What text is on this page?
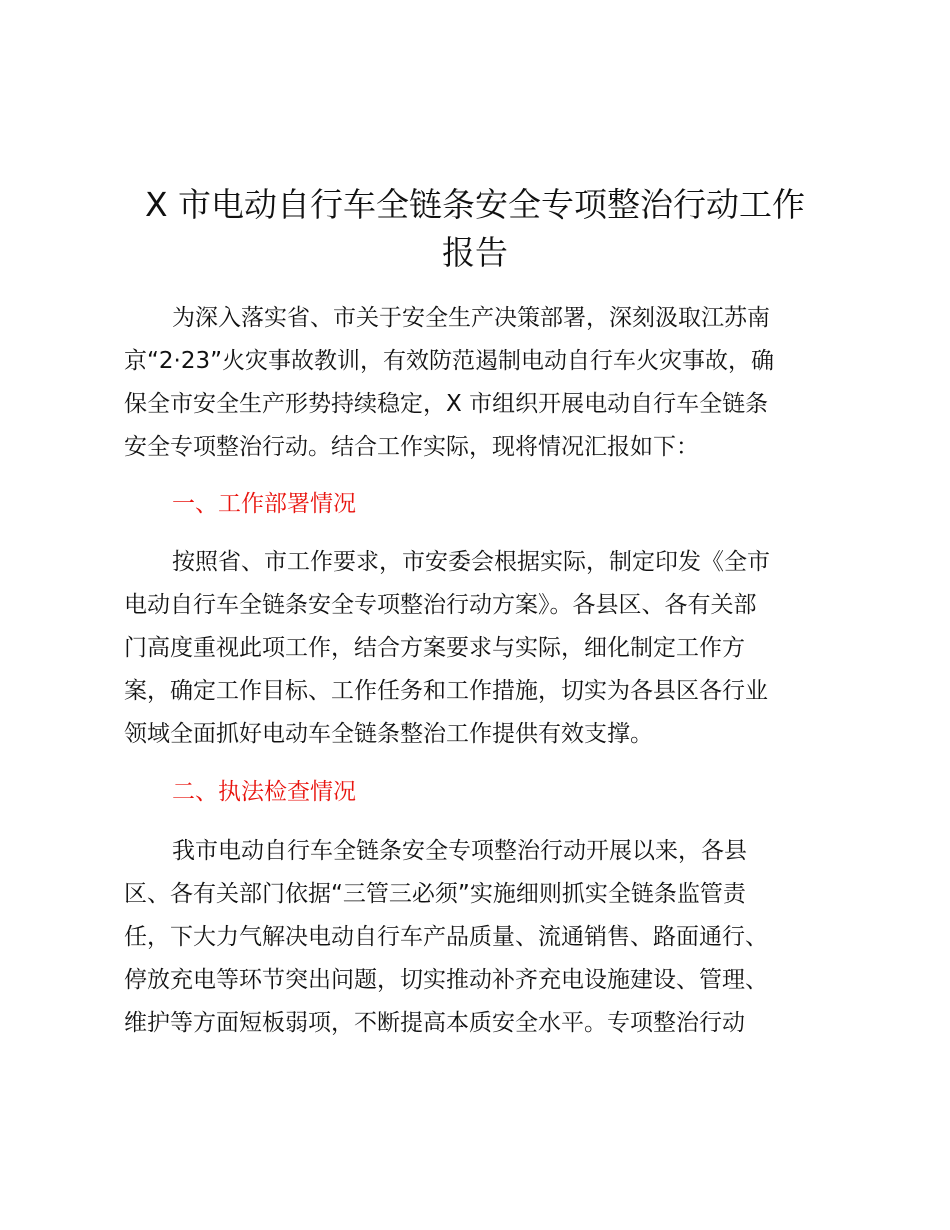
X 市电动自行车全链条安全专项整治行动工作
报告
为深入落实省、市关于安全生产决策部署，深刻汲取江苏南
京“2·23”火灾事故教训，有效防范遏制电动自行车火灾事故，确
保全市安全生产形势持续稳定，X 市组织开展电动自行车全链条
安全专项整治行动。结合工作实际，现将情况汇报如下：
一、工作部署情况
按照省、市工作要求，市安委会根据实际，制定印发《全市
电动自行车全链条安全专项整治行动方案》。各县区、各有关部
门高度重视此项工作，结合方案要求与实际，细化制定工作方
案，确定工作目标、工作任务和工作措施，切实为各县区各行业
领域全面抓好电动车全链条整治工作提供有效支撑。
二、执法检查情况
我市电动自行车全链条安全专项整治行动开展以来，各县
区、各有关部门依据“三管三必须”实施细则抓实全链条监管责
任，下大力气解决电动自行车产品质量、流通销售、路面通行、
停放充电等环节突出问题，切实推动补齐充电设施建设、管理、
维护等方面短板弱项，不断提高本质安全水平。专项整治行动
